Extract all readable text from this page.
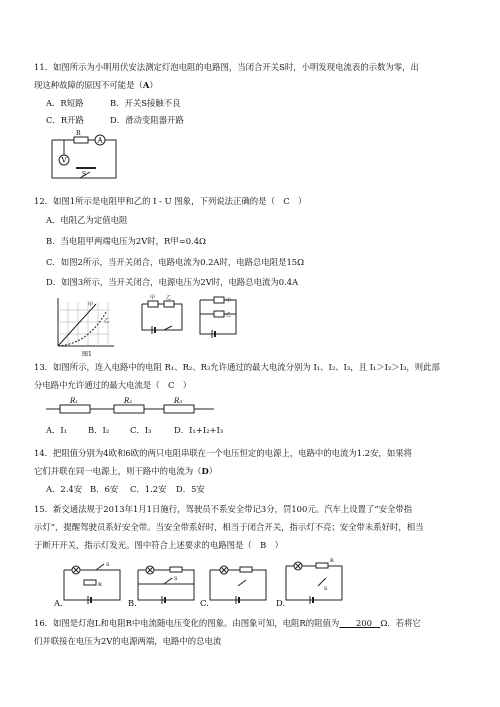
11．如图所示为小明用伏安法测定灯泡电阻的电路图，当闭合开关S时，小明发现电流表的示数为零，出
现这种故障的原因不可能是（A）
A．R短路	B．开关S接触不良
C．R开路	D．滑动变阻器开路
R
A
V
S
12．如图1所示是电阻甲和乙的 I - U 图象，下列说法正确的是（　C　）
A．电阻乙为定值电阻
B．当电阻甲两端电压为2V时，R甲=0.4Ω
C．如图2所示，当开关闭合，电路电流为0.2A时，电路总电阻是15Ω
D．如图3所示，当开关闭合，电源电压为2V时，电路总电流为0.4A
甲
乙
图1
甲 乙	甲
乙
13．如图所示，连入电路中的电阻 R₁、R₂、R₃允许通过的最大电流分别为 I₁、I₂、I₃，且 I₁＞I₂＞I₃，则此部
分电路中允许通过的最大电流是（　C　）
R₁	R₂	R₃
A．I₁ B．I₂ C．I₃	D．I₁+I₂+I₃
14．把阻值分别为4欧和6欧的两只电阻串联在一个电压恒定的电源上，电路中的电流为1.2安，如果将
它们并联在同一电源上，则干路中的电流为（D）
A．2.4安 B．6安 C．1.2安 D．5安
15．新交通法规于2013年1月1日施行，驾驶员不系安全带记3分，罚100元。汽车上设置了“安全带指
示灯”，提醒驾驶员系好安全带。当安全带系好时，相当于闭合开关，指示灯不亮；安全带未系好时，相当
于断开开关，指示灯发光。图中符合上述要求的电路图是（　B　）
R
S
S
R
S
A.	B.	C.	D.
16．如图是灯泡L和电阻R中电流随电压变化的图象。由图象可知，电阻R的阻值为　　200　Ω．若将它
们并联接在电压为2V的电源两端，电路中的总电流
